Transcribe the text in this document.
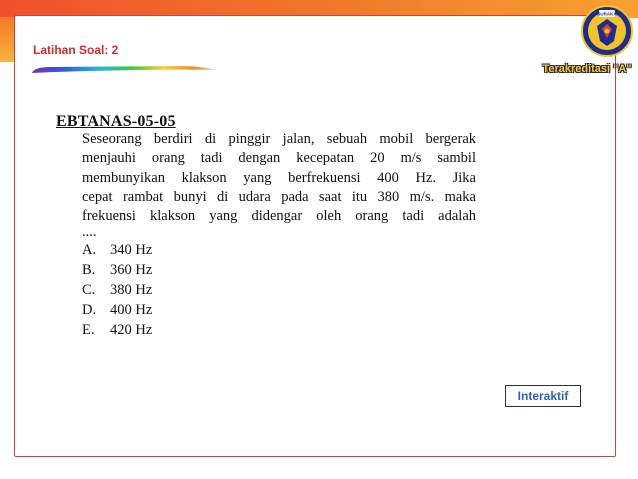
SURAKA
Latihan Soal: 2
Terakreditasi "A"
EBTANAS-05-05
Seseorang berdiri di pinggir jalan, sebuah mobil bergerak
menjauhi orang tadi dengan kecepatan 20 m/s sambil
membunyikan klakson yang berfrekuensi 400 Hz. Jika
cepat rambat bunyi di udara pada saat itu 380 m/s. maka
frekuensi klakson yang didengar oleh orang tadi adalah
....
A. 340 Hz
B.	360 Hz
C.	380 Hz
D. 400 Hz
E.	420 Hz
Interaktif
